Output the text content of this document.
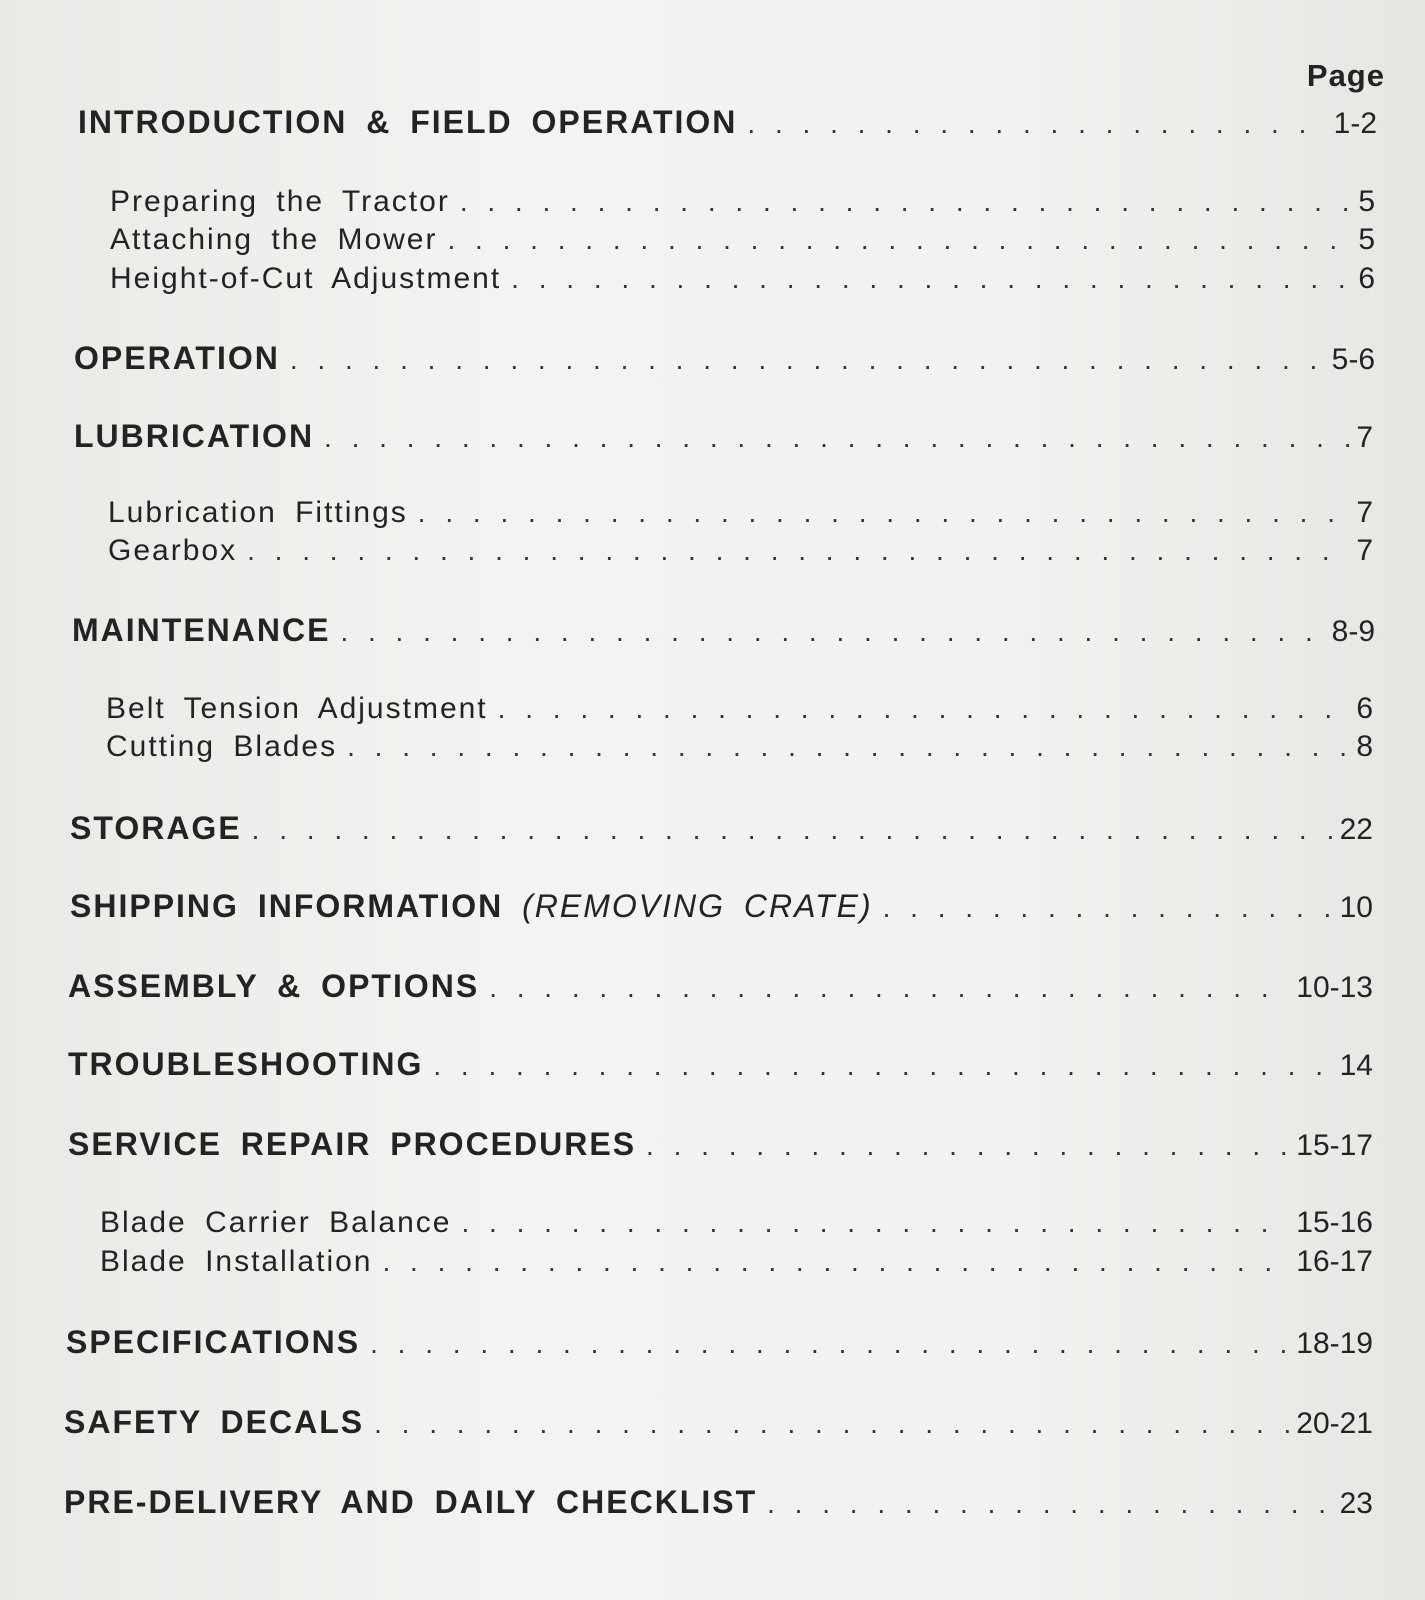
Page
INTRODUCTION & FIELD OPERATION . . .	1-2
Preparing the Tractor . . .	5
Attaching the Mower . . .	5
Height-of-Cut Adjustment . . .	6
OPERATION . . .	5-6
LUBRICATION . . .	7
Lubrication Fittings . . .	7
Gearbox . . .	7
MAINTENANCE . . .	8-9
Belt Tension Adjustment . . .	6
Cutting Blades . . .	8
STORAGE . . .	22
SHIPPING INFORMATION (REMOVING CRATE) . . .	10
ASSEMBLY & OPTIONS . . .	10-13
TROUBLESHOOTING . . .	14
SERVICE REPAIR PROCEDURES . . .	15-17
Blade Carrier Balance . . .	15-16
Blade Installation . . .	16-17
SPECIFICATIONS . . .	18-19
SAFETY DECALS . . .	20-21
PRE-DELIVERY AND DAILY CHECKLIST . . .	23
